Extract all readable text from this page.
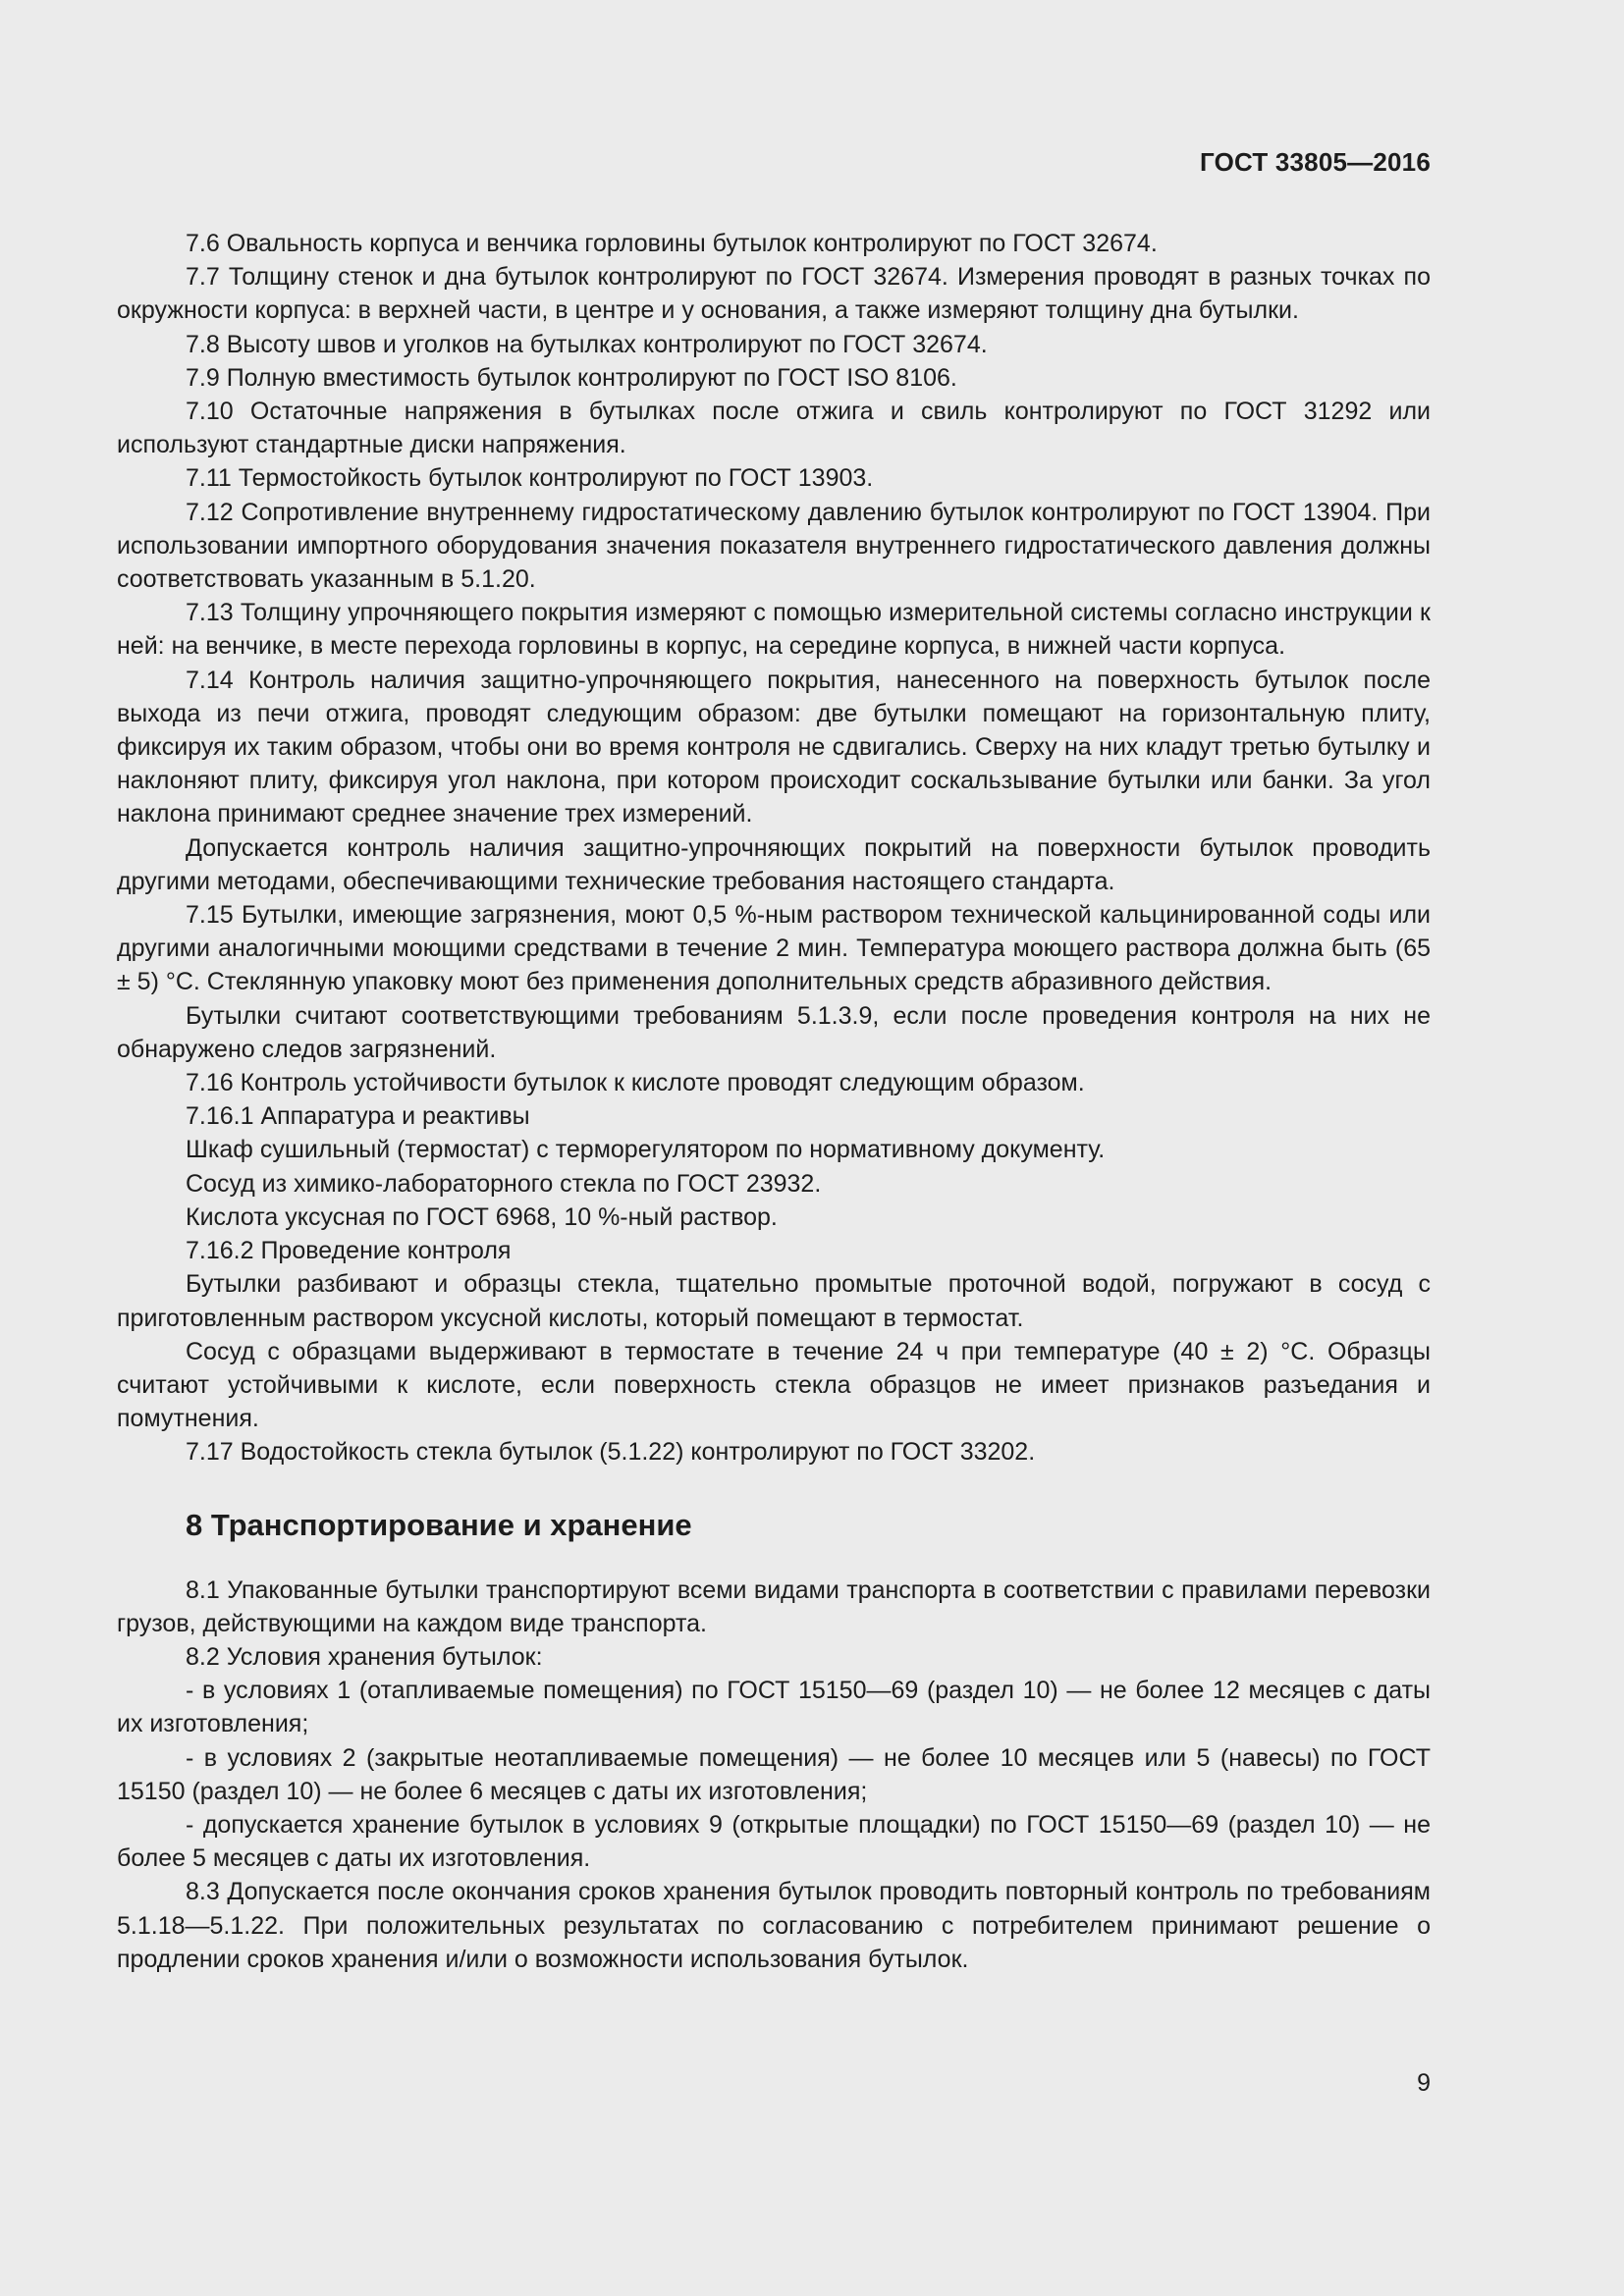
ГОСТ 33805—2016

7.6 Овальность корпуса и венчика горловины бутылок контролируют по ГОСТ 32674.

7.7 Толщину стенок и дна бутылок контролируют по ГОСТ 32674. Измерения проводят в разных точках по окружности корпуса: в верхней части, в центре и у основания, а также измеряют толщину дна бутылки.

7.8 Высоту швов и уголков на бутылках контролируют по ГОСТ 32674.

7.9 Полную вместимость бутылок контролируют по ГОСТ ISO 8106.

7.10 Остаточные напряжения в бутылках после отжига и свиль контролируют по ГОСТ 31292 или используют стандартные диски напряжения.

7.11 Термостойкость бутылок контролируют по ГОСТ 13903.

7.12 Сопротивление внутреннему гидростатическому давлению бутылок контролируют по ГОСТ 13904. При использовании импортного оборудования значения показателя внутреннего гидростатического давления должны соответствовать указанным в 5.1.20.

7.13 Толщину упрочняющего покрытия измеряют с помощью измерительной системы согласно инструкции к ней: на венчике, в месте перехода горловины в корпус, на середине корпуса, в нижней части корпуса.

7.14 Контроль наличия защитно-упрочняющего покрытия, нанесенного на поверхность бутылок после выхода из печи отжига, проводят следующим образом: две бутылки помещают на горизонтальную плиту, фиксируя их таким образом, чтобы они во время контроля не сдвигались. Сверху на них кладут третью бутылку и наклоняют плиту, фиксируя угол наклона, при котором происходит соскальзывание бутылки или банки. За угол наклона принимают среднее значение трех измерений.

Допускается контроль наличия защитно-упрочняющих покрытий на поверхности бутылок проводить другими методами, обеспечивающими технические требования настоящего стандарта.

7.15 Бутылки, имеющие загрязнения, моют 0,5 %-ным раствором технической кальцинированной соды или другими аналогичными моющими средствами в течение 2 мин. Температура моющего раствора должна быть (65 ± 5) °С. Стеклянную упаковку моют без применения дополнительных средств абразивного действия.

Бутылки считают соответствующими требованиям 5.1.3.9, если после проведения контроля на них не обнаружено следов загрязнений.

7.16 Контроль устойчивости бутылок к кислоте проводят следующим образом.

7.16.1 Аппаратура и реактивы

Шкаф сушильный (термостат) с терморегулятором по нормативному документу.

Сосуд из химико-лабораторного стекла по ГОСТ 23932.

Кислота уксусная по ГОСТ 6968, 10 %-ный раствор.

7.16.2 Проведение контроля

Бутылки разбивают и образцы стекла, тщательно промытые проточной водой, погружают в сосуд с приготовленным раствором уксусной кислоты, который помещают в термостат.

Сосуд с образцами выдерживают в термостате в течение 24 ч при температуре (40 ± 2) °С. Образцы считают устойчивыми к кислоте, если поверхность стекла образцов не имеет признаков разъедания и помутнения.

7.17 Водостойкость стекла бутылок (5.1.22) контролируют по ГОСТ 33202.

8 Транспортирование и хранение

8.1 Упакованные бутылки транспортируют всеми видами транспорта в соответствии с правилами перевозки грузов, действующими на каждом виде транспорта.

8.2 Условия хранения бутылок:

- в условиях 1 (отапливаемые помещения) по ГОСТ 15150—69 (раздел 10) — не более 12 месяцев с даты их изготовления;

- в условиях 2 (закрытые неотапливаемые помещения) — не более 10 месяцев или 5 (навесы) по ГОСТ 15150 (раздел 10) — не более 6 месяцев с даты их изготовления;

- допускается хранение бутылок в условиях 9 (открытые площадки) по ГОСТ 15150—69 (раздел 10) — не более 5 месяцев с даты их изготовления.

8.3 Допускается после окончания сроков хранения бутылок проводить повторный контроль по требованиям 5.1.18—5.1.22. При положительных результатах по согласованию с потребителем принимают решение о продлении сроков хранения и/или о возможности использования бутылок.

9
